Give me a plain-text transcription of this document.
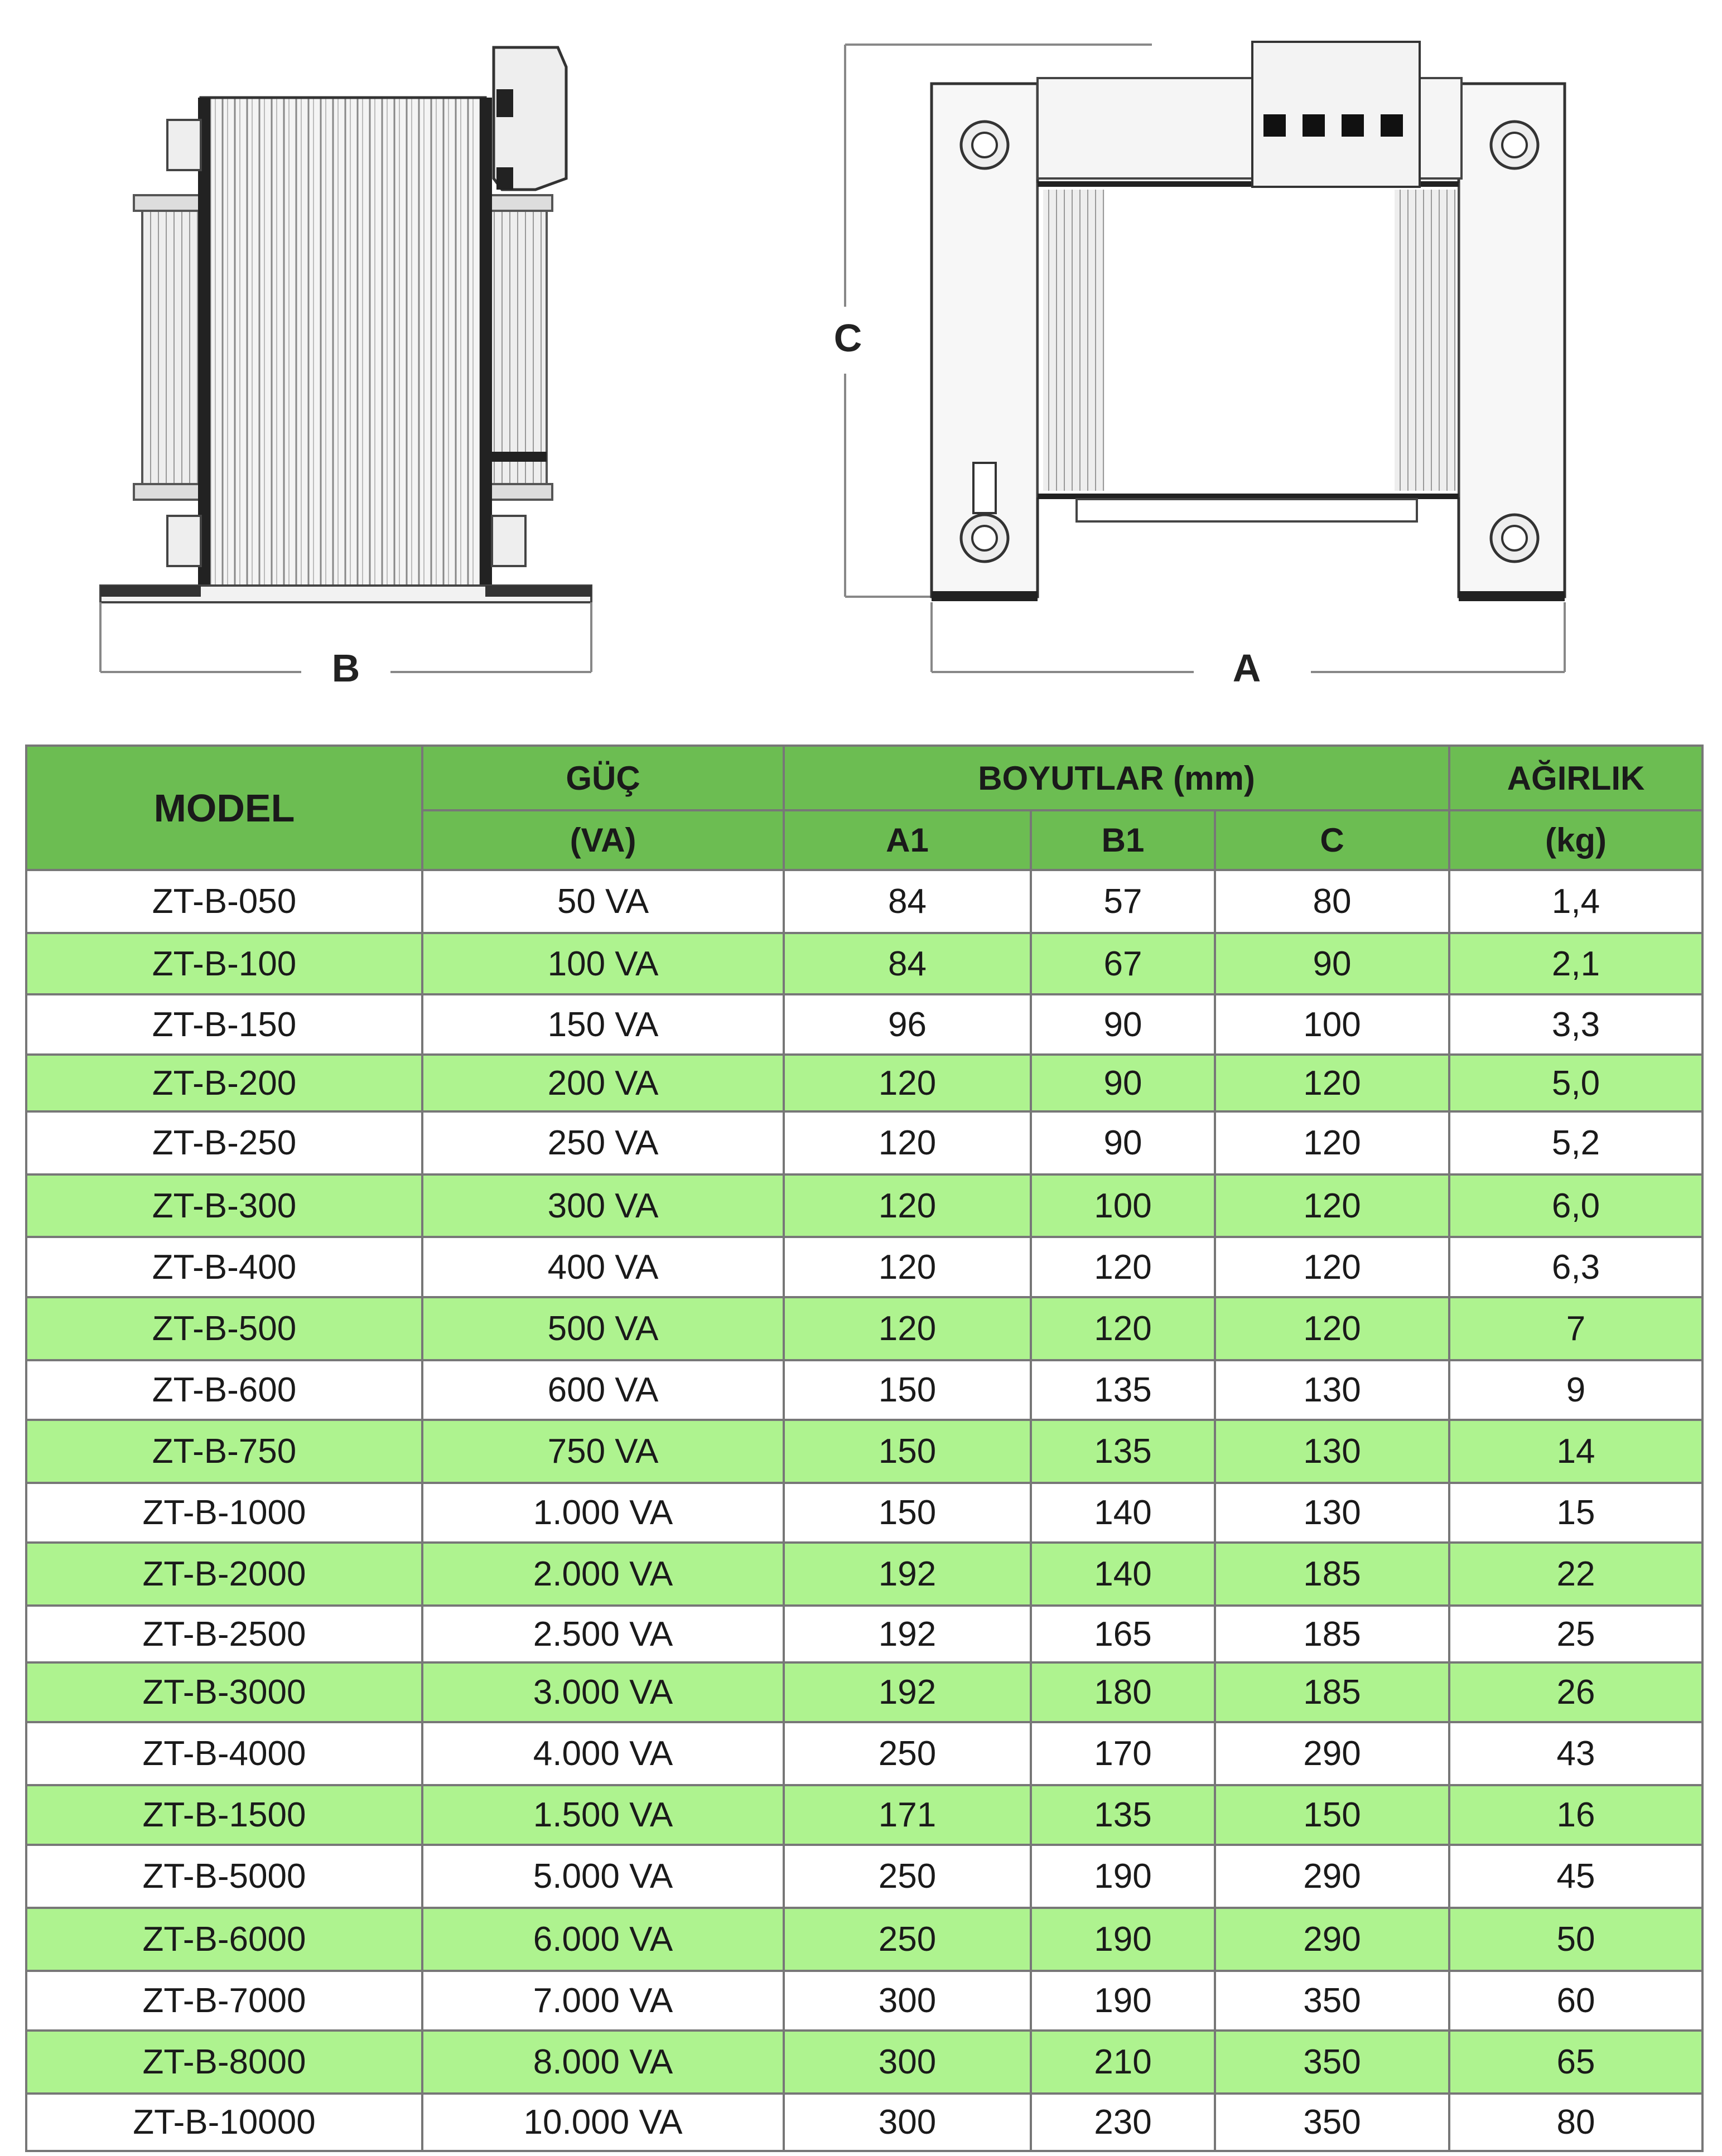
B
C
A
MODEL	GÜÇ	BOYUTLAR (mm)			AĞIRLIK
	(VA)	A1	B1	C	(kg)
ZT-B-050	50 VA	84	57	80	1,4
ZT-B-100	100 VA	84	67	90	2,1
ZT-B-150	150 VA	96	90	100	3,3
ZT-B-200	200 VA	120	90	120	5,0
ZT-B-250	250 VA	120	90	120	5,2
ZT-B-300	300 VA	120	100	120	6,0
ZT-B-400	400 VA	120	120	120	6,3
ZT-B-500	500 VA	120	120	120	7
ZT-B-600	600 VA	150	135	130	9
ZT-B-750	750 VA	150	135	130	14
ZT-B-1000	1.000 VA	150	140	130	15
ZT-B-2000	2.000 VA	192	140	185	22
ZT-B-2500	2.500 VA	192	165	185	25
ZT-B-3000	3.000 VA	192	180	185	26
ZT-B-4000	4.000 VA	250	170	290	43
ZT-B-1500	1.500 VA	171	135	150	16
ZT-B-5000	5.000 VA	250	190	290	45
ZT-B-6000	6.000 VA	250	190	290	50
ZT-B-7000	7.000 VA	300	190	350	60
ZT-B-8000	8.000 VA	300	210	350	65
ZT-B-10000	10.000 VA	300	230	350	80
